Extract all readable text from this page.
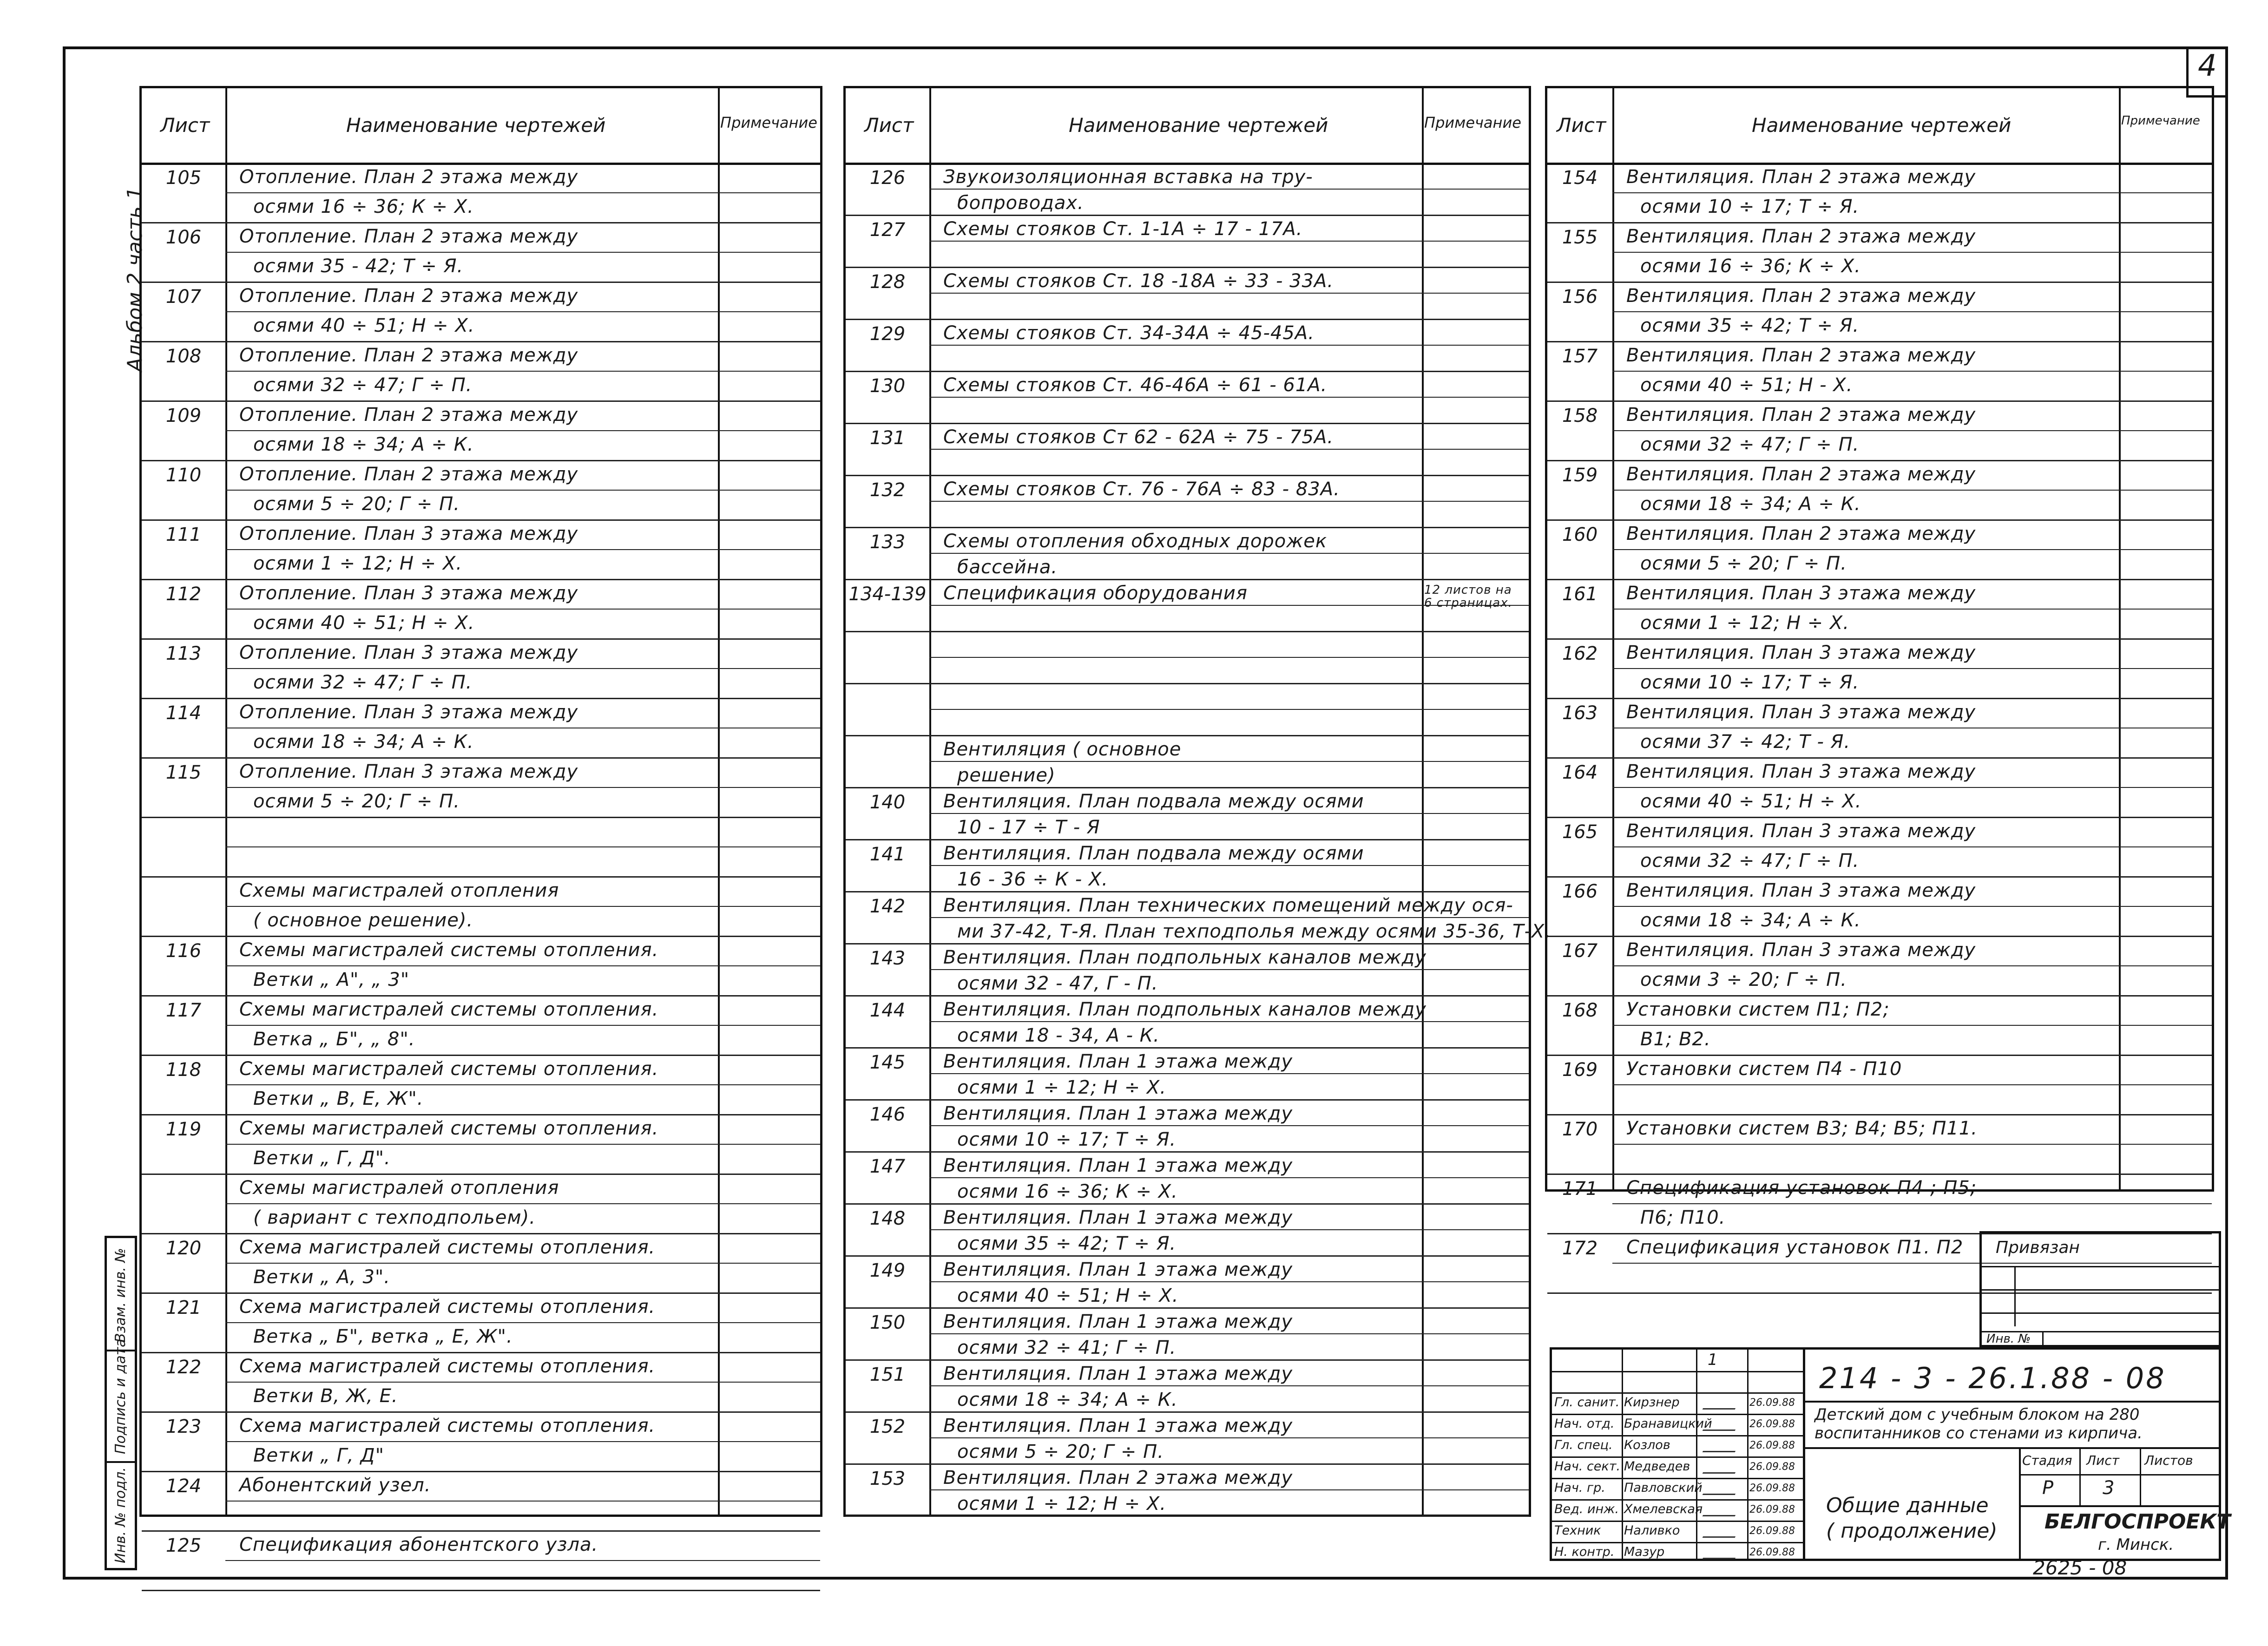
4
Альбом 2 часть 1
Инв. № подл.
Подпись и дата
Взам. инв. №
Лист	Наименование чертежей	Примечание
105	Отопление. План 2 этажа между
осями 16 ÷ 36; К ÷ Х.
106	Отопление. План 2 этажа между
осями 35 - 42; Т ÷ Я.
107	Отопление. План 2 этажа между
осями 40 ÷ 51; Н ÷ Х.
108	Отопление. План 2 этажа между
осями 32 ÷ 47; Г ÷ П.
109	Отопление. План 2 этажа между
осями 18 ÷ 34; А ÷ К.
110	Отопление. План 2 этажа между
осями 5 ÷ 20; Г ÷ П.
111	Отопление. План 3 этажа между
осями 1 ÷ 12; Н ÷ Х.
112	Отопление. План 3 этажа между
осями 40 ÷ 51; Н ÷ Х.
113	Отопление. План 3 этажа между
осями 32 ÷ 47; Г ÷ П.
114	Отопление. План 3 этажа между
осями 18 ÷ 34; А ÷ К.
115	Отопление. План 3 этажа между
осями 5 ÷ 20; Г ÷ П.
Схемы магистралей отопления
( основное решение).
116	Схемы магистралей системы отопления.
Ветки „ А", „ 3"
117	Схемы магистралей системы отопления.
Ветка „ Б", „ 8".
118	Схемы магистралей системы отопления.
Ветки „ В, Е, Ж".
119	Схемы магистралей системы отопления.
Ветки „ Г, Д".
Схемы магистралей отопления
( вариант с техподпольем).
120	Схема магистралей системы отопления.
Ветки „ А, 3".
121	Схема магистралей системы отопления.
Ветка „ Б", ветка „ Е, Ж".
122	Схема магистралей системы отопления.
Ветки В, Ж, Е.
123	Схема магистралей системы отопления.
Ветки „ Г, Д"
124	Абонентский узел.
125	Спецификация абонентского узла.
Лист	Наименование чертежей	Примечание
126	Звукоизоляционная вставка на тру-
бопроводах.
127	Схемы стояков Ст. 1-1А ÷ 17 - 17А.
128	Схемы стояков Ст. 18 -18А ÷ 33 - 33А.
129	Схемы стояков Ст. 34-34А ÷ 45-45А.
130	Схемы стояков Ст. 46-46А ÷ 61 - 61А.
131	Схемы стояков Ст 62 - 62А ÷ 75 - 75А.
132	Схемы стояков Ст. 76 - 76А ÷ 83 - 83А.
133	Схемы отопления обходных дорожек
бассейна.
134-139 Спецификация оборудования	12 листов на 6 страницах.
Вентиляция ( основное
решение)
140	Вентиляция. План подвала между осями
10 - 17 ÷ Т - Я
141	Вентиляция. План подвала между осями
16 - 36 ÷ К - Х.
142	Вентиляция. План технических помещений между ося-
ми 37-42, Т-Я. План техподполья между осями 35-36, Т-Х.
143	Вентиляция. План подпольных каналов между
осями 32 - 47, Г - П.
144	Вентиляция. План подпольных каналов между
осями 18 - 34, А - К.
145	Вентиляция. План 1 этажа между
осями 1 ÷ 12; Н ÷ Х.
146	Вентиляция. План 1 этажа между
осями 10 ÷ 17; Т ÷ Я.
147	Вентиляция. План 1 этажа между
осями 16 ÷ 36; К ÷ Х.
148	Вентиляция. План 1 этажа между
осями 35 ÷ 42; Т ÷ Я.
149	Вентиляция. План 1 этажа между
осями 40 ÷ 51; Н ÷ Х.
150	Вентиляция. План 1 этажа между
осями 32 ÷ 41; Г ÷ П.
151	Вентиляция. План 1 этажа между
осями 18 ÷ 34; А ÷ К.
152	Вентиляция. План 1 этажа между
осями 5 ÷ 20; Г ÷ П.
153	Вентиляция. План 2 этажа между
осями 1 ÷ 12; Н ÷ Х.
Лист	Наименование чертежей	Примечание
154	Вентиляция. План 2 этажа между
осями 10 ÷ 17; Т ÷ Я.
155	Вентиляция. План 2 этажа между
осями 16 ÷ 36; К ÷ Х.
156	Вентиляция. План 2 этажа между
осями 35 ÷ 42; Т ÷ Я.
157	Вентиляция. План 2 этажа между
осями 40 ÷ 51; Н - Х.
158	Вентиляция. План 2 этажа между
осями 32 ÷ 47; Г ÷ П.
159	Вентиляция. План 2 этажа между
осями 18 ÷ 34; А ÷ К.
160	Вентиляция. План 2 этажа между
осями 5 ÷ 20; Г ÷ П.
161	Вентиляция. План 3 этажа между
осями 1 ÷ 12; Н ÷ Х.
162	Вентиляция. План 3 этажа между
осями 10 ÷ 17; Т ÷ Я.
163	Вентиляция. План 3 этажа между
осями 37 ÷ 42; Т - Я.
164	Вентиляция. План 3 этажа между
осями 40 ÷ 51; Н ÷ Х.
165	Вентиляция. План 3 этажа между
осями 32 ÷ 47; Г ÷ П.
166	Вентиляция. План 3 этажа между
осями 18 ÷ 34; А ÷ К.
167	Вентиляция. План 3 этажа между
осями 3 ÷ 20; Г ÷ П.
168	Установки систем П1; П2;
В1; В2.
169	Установки систем П4 - П10
170	Установки систем В3; В4; В5; П11.
171	Спецификация установок П4 ; П5;
П6; П10.
172	Спецификация установок П1. П2 Привязан
Инв. №
1
Гл. санит. Кирзнер	26.09.88
Нач. отд. Бранавицкий	26.09.88
Гл. спец. Козлов	26.09.88
Нач. сект. Медведев	26.09.88
Нач. гр. Павловский	26.09.88
Вед. инж. Хмелевская	26.09.88
Техник Наливко	26.09.88
Н. контр. Мазур	26.09.88
214 - 3 - 26.1.88 - 08
Детский дом с учебным блоком на 280
воспитанников со стенами из кирпича.
Стадия Лист Листов
Р	3
Общие данные
( продолжение) БЕЛГОСПРОЕКТ
г. Минск.
2625 - 08
